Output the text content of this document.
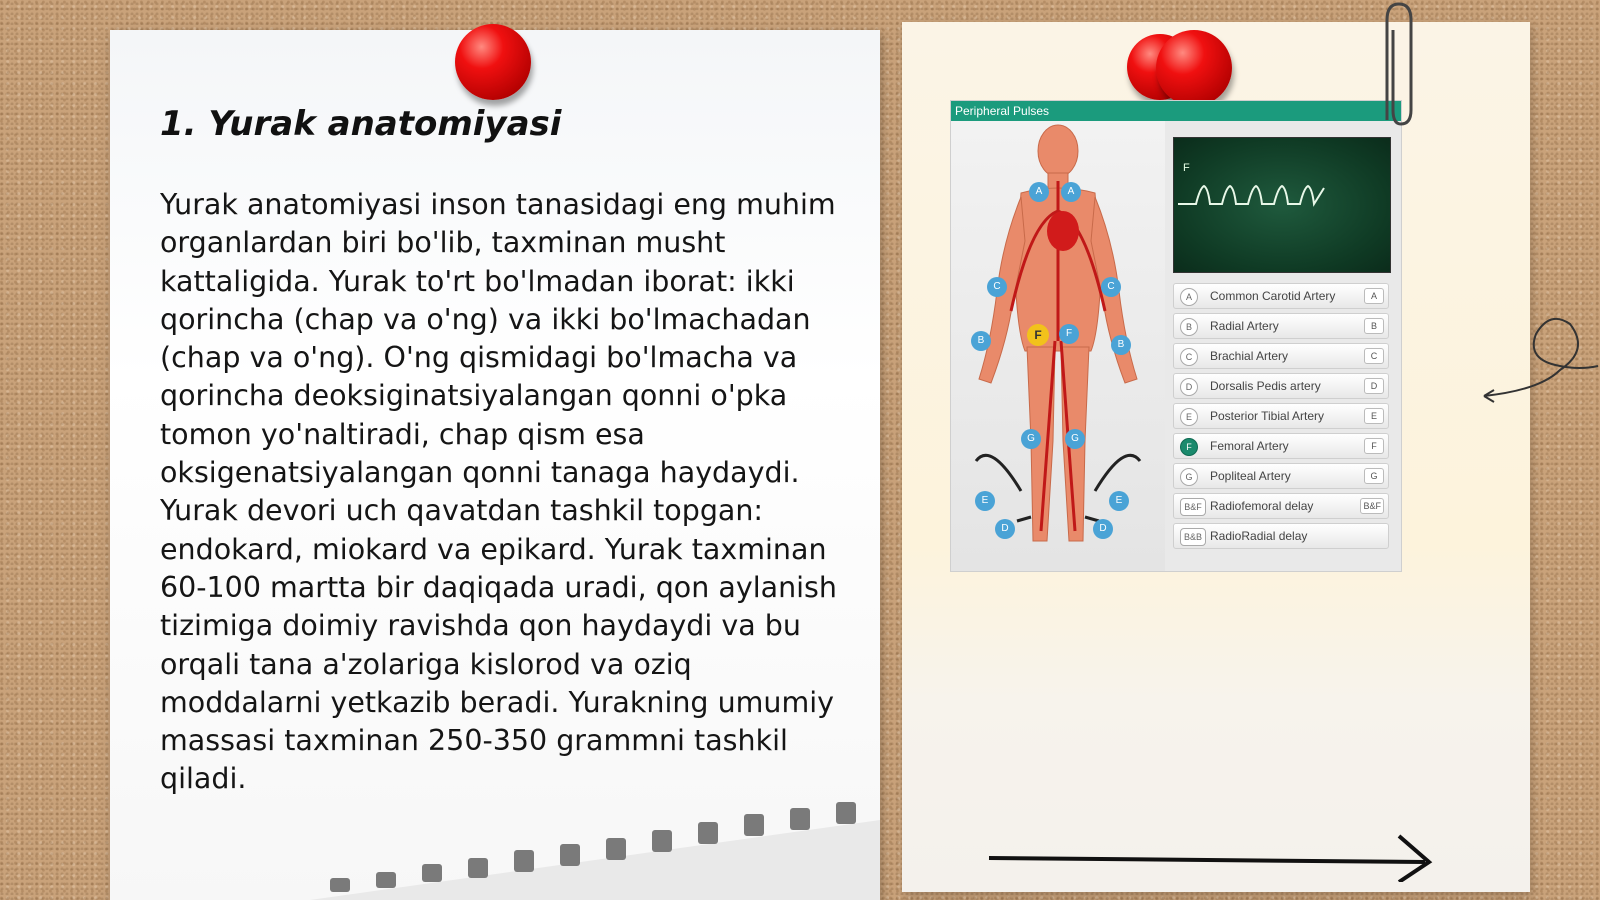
1. Yurak anatomiyasi

Yurak anatomiyasi inson tanasidagi eng muhim organlardan biri bo'lib, taxminan musht kattaligida. Yurak to'rt bo'lmadan iborat: ikki qorincha (chap va o'ng) va ikki bo'lmachadan (chap va o'ng). O'ng qismidagi bo'lmacha va qorincha deoksiginatsiyalangan qonni o'pka tomon yo'naltiradi, chap qism esa oksigenatsiyalangan qonni tanaga haydaydi. Yurak devori uch qavatdan tashkil topgan: endokard, miokard va epikard. Yurak taxminan 60-100 martta bir daqiqada uradi, qon aylanish tizimiga doimiy ravishda qon haydaydi va bu orqali tana a'zolariga kislorod va oziq moddalarni yetkazib beradi. Yurakning umumiy massasi taxminan 250-350 grammni tashkil qiladi.

Peripheral Pulses
A	A
C	C
B	B
F	F
G	G
E	E
D	D
F
A	Common Carotid Artery	A
B	Radial Artery	B
C	Brachial Artery	C
D	Dorsalis Pedis artery	D
E	Posterior Tibial Artery	E
F	Femoral Artery	F
G	Popliteal Artery	G
B&F Radiofemoral delay	B&F
B&B RadioRadial delay
